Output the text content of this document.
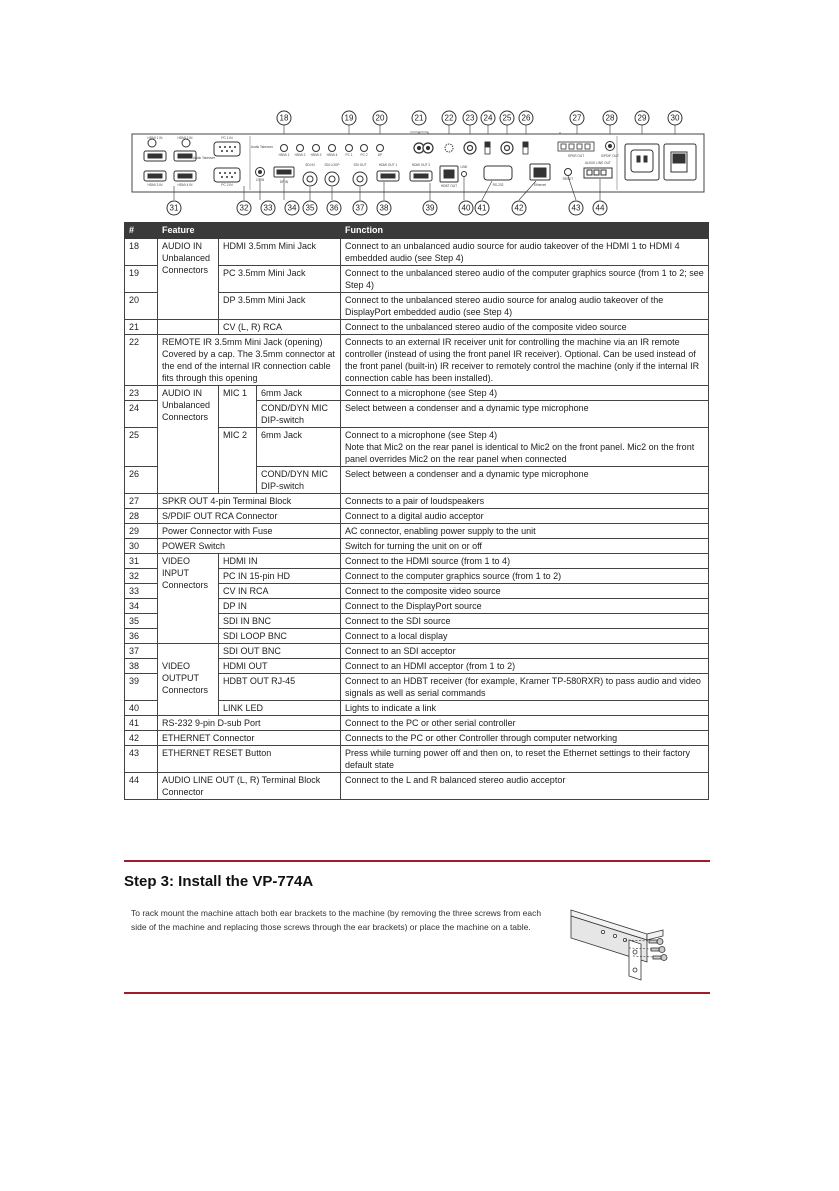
HDMI 1 IN	HDMI 2 IN
HDMI 3 IN	HDMI 4 IN
Audio Takeover
PC 1 IN
PC 2 IN
Audio Takeover
HDMI 1 HDMI 2 HDMI 3 HDMI 4	PC 1 PC 2	DP
CV IN	DP IN
SDI IN	SDI LOOP	SDI OUT	HDMI OUT 1	HDMI OUT 2
HDBT OUT
LINK
RS-232	Ethernet
RESET
SPKR OUT	S/PDIF OUT
AUDIO LINE OUT
18	19	20	21	22 23 24 25 26	27	28	29	30
31	32 33 34 35 36 37 38	39	40 41	42	43 44
#	Feature			Function
18	AUDIO IN Unbalanced Connectors	HDMI 3.5mm Mini Jack		Connect to an unbalanced audio source for audio takeover of the HDMI 1 to HDMI 4 embedded audio (see Step 4)
19		PC 3.5mm Mini Jack		Connect to the unbalanced stereo audio of the computer graphics source (from 1 to 2; see Step 4)
20		DP 3.5mm Mini Jack		Connect to the unbalanced stereo audio source for analog audio takeover of the DisplayPort embedded audio (see Step 4)
21		CV (L, R) RCA		Connect to the unbalanced stereo audio of the composite video source
22	REMOTE IR 3.5mm Mini Jack (opening) Covered by a cap. The 3.5mm connector at the end of the internal IR connection cable fits through this opening			Connects to an external IR receiver unit for controlling the machine via an IR remote controller (instead of using the front panel IR receiver). Optional. Can be used instead of the front panel (built-in) IR receiver to remotely control the machine (only if the internal IR connection cable has been installed).
23	AUDIO IN Unbalanced Connectors	MIC 1	6mm Jack	Connect to a microphone (see Step 4)
24			COND/DYN MIC DIP-switch	Select between a condenser and a dynamic type microphone
25		MIC 2	6mm Jack	Connect to a microphone (see Step 4)
Note that Mic2 on the rear panel is identical to Mic2 on the front panel. Mic2 on the front panel overrides Mic2 on the rear panel when connected

26			COND/DYN MIC DIP-switch	Select between a condenser and a dynamic type microphone
27	SPKR OUT 4-pin Terminal Block			Connects to a pair of loudspeakers
28	S/PDIF OUT RCA Connector			Connect to a digital audio acceptor
29	Power Connector with Fuse			AC connector, enabling power supply to the unit
30	POWER Switch			Switch for turning the unit on or off
31	VIDEO INPUT Connectors	HDMI IN		Connect to the HDMI source (from 1 to 4)
32		PC IN 15-pin HD		Connect to the computer graphics source (from 1 to 2)
33		CV IN RCA		Connect to the composite video source
34		DP IN		Connect to the DisplayPort source
35		SDI IN BNC		Connect to the SDI source
36		SDI LOOP BNC		Connect to a local display
37		SDI OUT BNC		Connect to an SDI acceptor
38	VIDEO OUTPUT Connectors	HDMI OUT		Connect to an HDMI acceptor (from 1 to 2)
39		HDBT OUT RJ-45		Connect to an HDBT receiver (for example, Kramer TP-580RXR) to pass audio and video signals as well as serial commands
40		LINK LED		Lights to indicate a link
41	RS-232 9-pin D-sub Port			Connect to the PC or other serial controller
42	ETHERNET Connector			Connects to the PC or other Controller through computer networking
43	ETHERNET RESET Button			Press while turning power off and then on, to reset the Ethernet settings to their factory default state
44	AUDIO LINE OUT (L, R) Terminal Block Connector			Connect to the L and R balanced stereo audio acceptor
Step 3: Install the VP-774A

To rack mount the machine attach both ear brackets to the machine (by removing the three screws from each side of the machine and replacing those screws through the ear brackets) or place the machine on a table.
